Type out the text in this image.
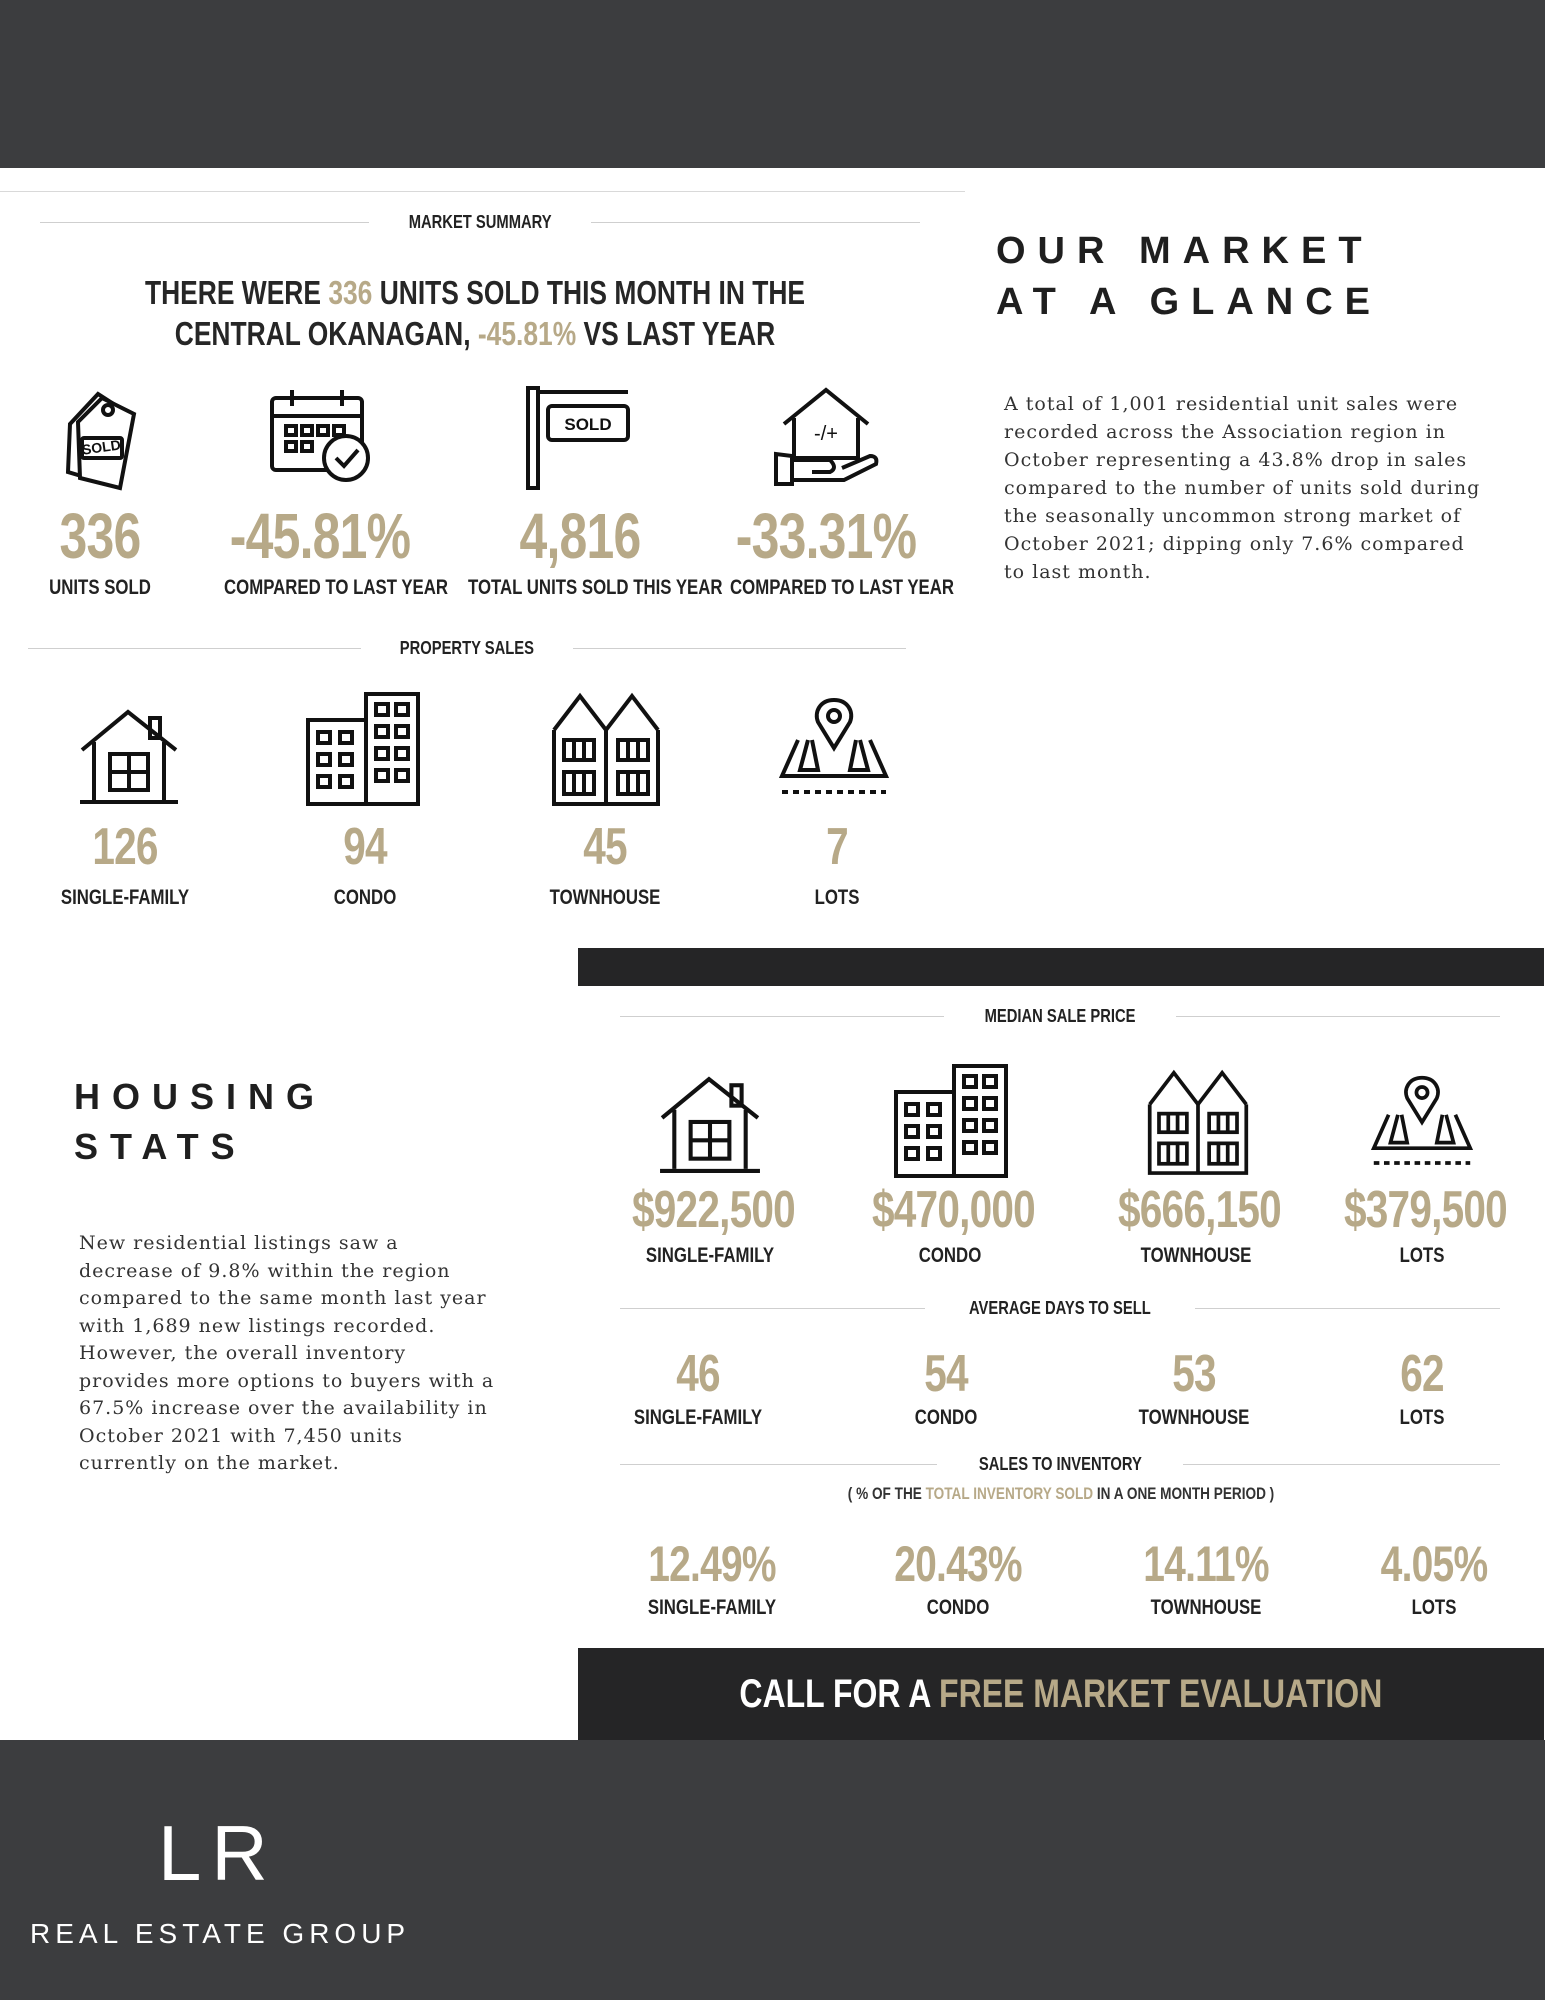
MARKET SUMMARY
THERE WERE 336 UNITS SOLD THIS MONTH IN THE
CENTRAL OKANAGAN, -45.81% VS LAST YEAR
SOLD
SOLD	-/+
336
UNITS SOLD
-45.81%
COMPARED TO LAST YEAR
4,816
TOTAL UNITS SOLD THIS YEAR
-33.31%
COMPARED TO LAST YEAR
PROPERTY SALES
126
SINGLE-FAMILY
94
CONDO
45
TOWNHOUSE
7
LOTS
OUR MARKET
AT A GLANCE
A total of 1,001 residential unit sales were recorded across the Association region in October representing a 43.8% drop in sales compared to the number of units sold during the seasonally uncommon strong market of October 2021; dipping only 7.6% compared to last month.
HOUSING
STATS
New residential listings saw a decrease of 9.8% within the region compared to the same month last year with 1,689 new listings recorded. However, the overall inventory provides more options to buyers with a 67.5% increase over the availability in October 2021 with 7,450 units currently on the market.
MEDIAN SALE PRICE
$922,500
SINGLE-FAMILY
$470,000
CONDO
$666,150
TOWNHOUSE
$379,500
LOTS
AVERAGE DAYS TO SELL
46
SINGLE-FAMILY
54
CONDO
53
TOWNHOUSE
62
LOTS
SALES TO INVENTORY
( % OF THE TOTAL INVENTORY SOLD IN A ONE MONTH PERIOD )
12.49%
SINGLE-FAMILY
20.43%
CONDO
14.11%
TOWNHOUSE
4.05%
LOTS
CALL FOR A FREE MARKET EVALUATION
LR
REAL ESTATE GROUP
